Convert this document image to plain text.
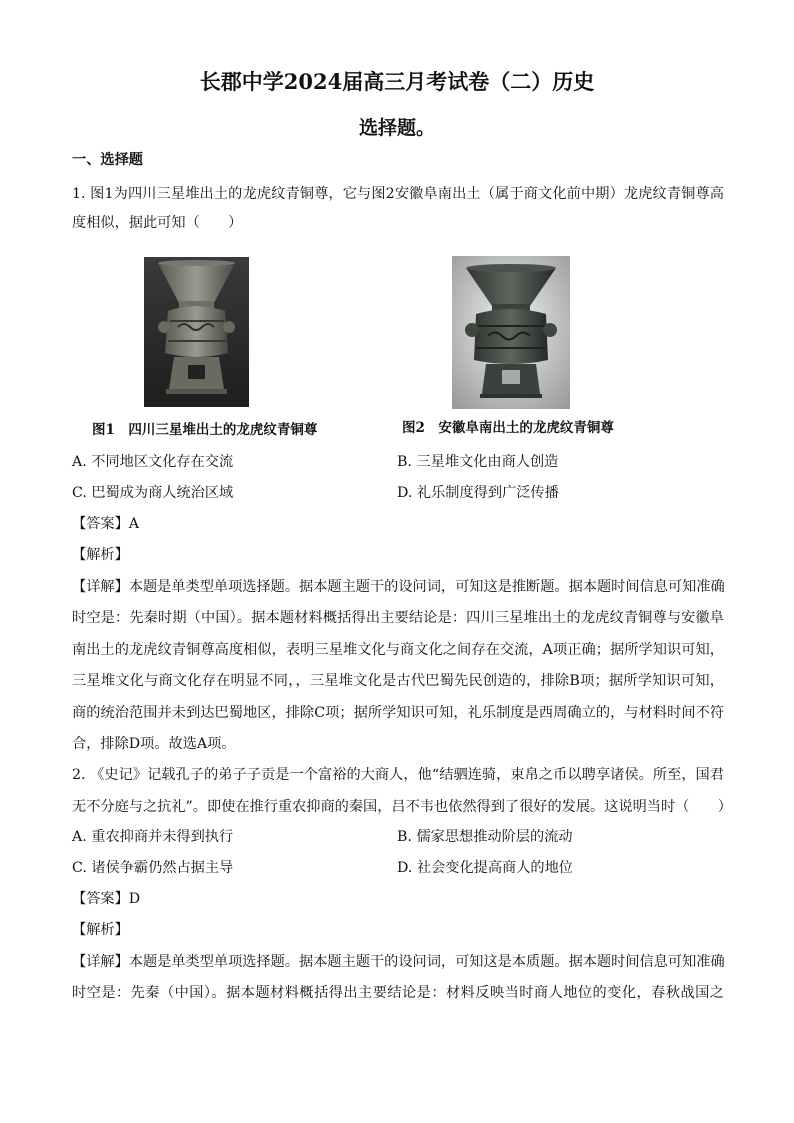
长郡中学2024届高三月考试卷（二）历史
选择题。
一、选择题
1. 图1为四川三星堆出土的龙虎纹青铜尊，它与图2安徽阜南出土（属于商文化前中期）龙虎纹青铜尊高
度相似，据此可知（　　）
图1　四川三星堆出土的龙虎纹青铜尊	图2　安徽阜南出土的龙虎纹青铜尊
A. 不同地区文化存在交流	B. 三星堆文化由商人创造
C. 巴蜀成为商人统治区域	D. 礼乐制度得到广泛传播
【答案】A
【解析】
【详解】本题是单类型单项选择题。据本题主题干的设问词，可知这是推断题。据本题时间信息可知准确
时空是：先秦时期（中国）。据本题材料概括得出主要结论是：四川三星堆出土的龙虎纹青铜尊与安徽阜
南出土的龙虎纹青铜尊高度相似，表明三星堆文化与商文化之间存在交流，A项正确；据所学知识可知，
三星堆文化与商文化存在明显不同，，三星堆文化是古代巴蜀先民创造的，排除B项；据所学知识可知，
商的统治范围并未到达巴蜀地区，排除C项；据所学知识可知，礼乐制度是西周确立的，与材料时间不符
合，排除D项。故选A项。
2. 《史记》记载孔子的弟子子贡是一个富裕的大商人，他“结驷连骑，束帛之币以聘享诸侯。所至，国君
无不分庭与之抗礼”。即使在推行重农抑商的秦国，吕不韦也依然得到了很好的发展。这说明当时（　　）
A. 重农抑商并未得到执行	B. 儒家思想推动阶层的流动
C. 诸侯争霸仍然占据主导	D. 社会变化提高商人的地位
【答案】D
【解析】
【详解】本题是单类型单项选择题。据本题主题干的设问词，可知这是本质题。据本题时间信息可知准确
时空是：先秦（中国）。据本题材料概括得出主要结论是：材料反映当时商人地位的变化，春秋战国之
